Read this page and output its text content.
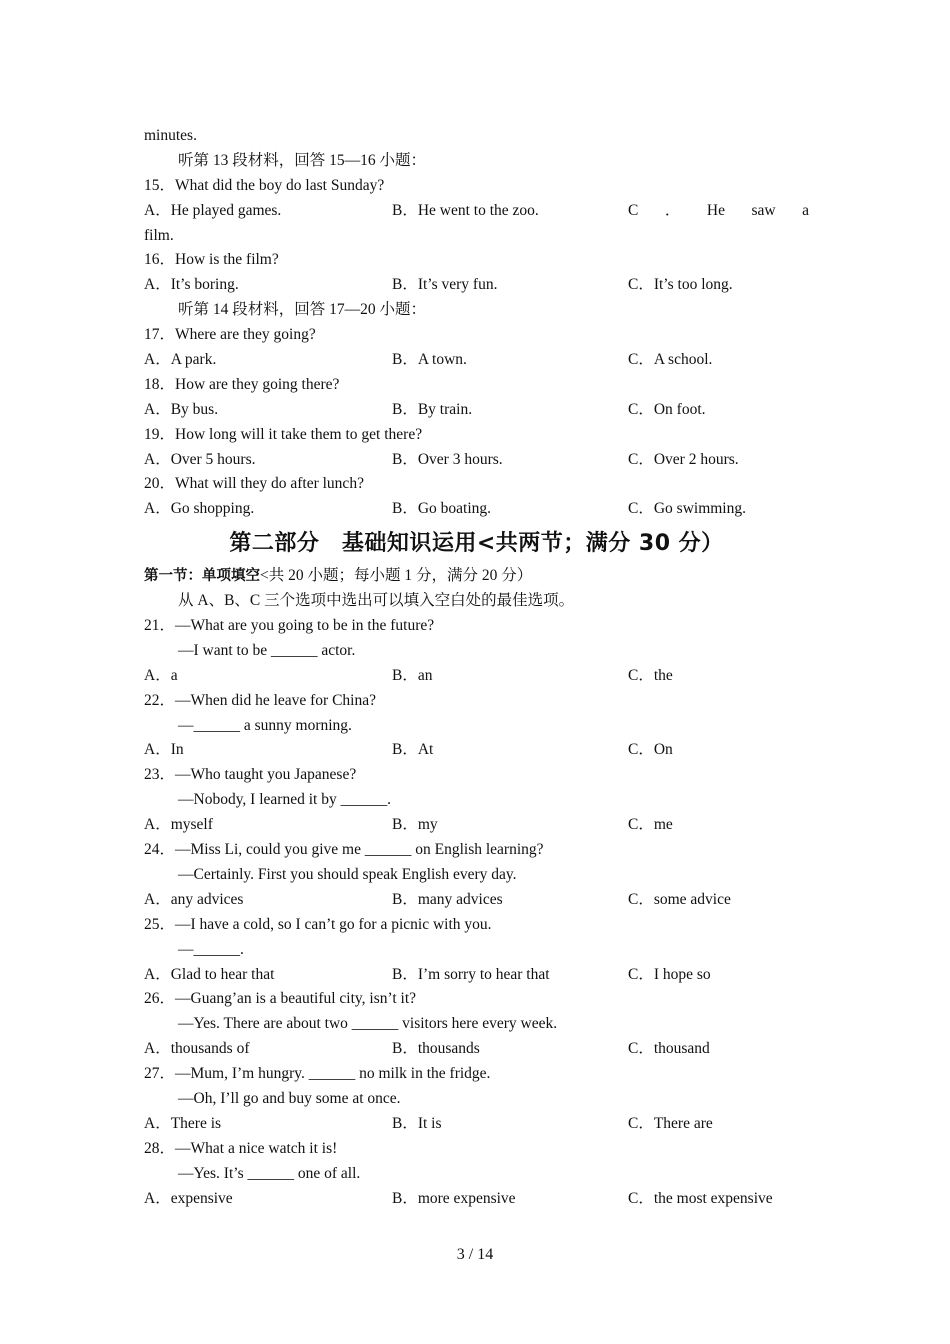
minutes.
听第 13 段材料，回答 15—16 小题：
15．What did the boy do last Sunday?
A．He played games.	B．He went to the zoo.	C ． He saw a
film.
16．How is the film?
A．It’s boring.	B．It’s very fun.	C．It’s too long.
听第 14 段材料，回答 17—20 小题：
17．Where are they going?
A．A park.	B．A town.	C．A school.
18．How are they going there?
A．By bus.	B．By train.	C．On foot.
19．How long will it take them to get there?
A．Over 5 hours.	B．Over 3 hours.	C．Over 2 hours.
20．What will they do after lunch?
A．Go shopping.	B．Go boating.	C．Go swimming.
第二部分　基础知识运用<共两节；满分 30 分）
第一节：单项填空<共 20 小题；每小题 1 分，满分 20 分）
从 A、B、C 三个选项中选出可以填入空白处的最佳选项。
21．—What are you going to be in the future?
—I want to be ______ actor.
A．a	B．an	C．the
22．—When did he leave for China?
—______ a sunny morning.
A．In	B．At	C．On
23．—Who taught you Japanese?
—Nobody, I learned it by ______.
A．myself	B．my	C．me
24．—Miss Li, could you give me ______ on English learning?
—Certainly. First you should speak English every day.
A．any advices	B．many advices	C．some advice
25．—I have a cold, so I can’t go for a picnic with you.
—______.
A．Glad to hear that	B．I’m sorry to hear that	C．I hope so
26．—Guang’an is a beautiful city, isn’t it?
—Yes. There are about two ______ visitors here every week.
A．thousands of	B．thousands	C．thousand
27．—Mum, I’m hungry. ______ no milk in the fridge.
—Oh, I’ll go and buy some at once.
A．There is	B．It is	C．There are
28．—What a nice watch it is!
—Yes. It’s ______ one of all.
A．expensive	B．more expensive	C．the most expensive
3 / 14
